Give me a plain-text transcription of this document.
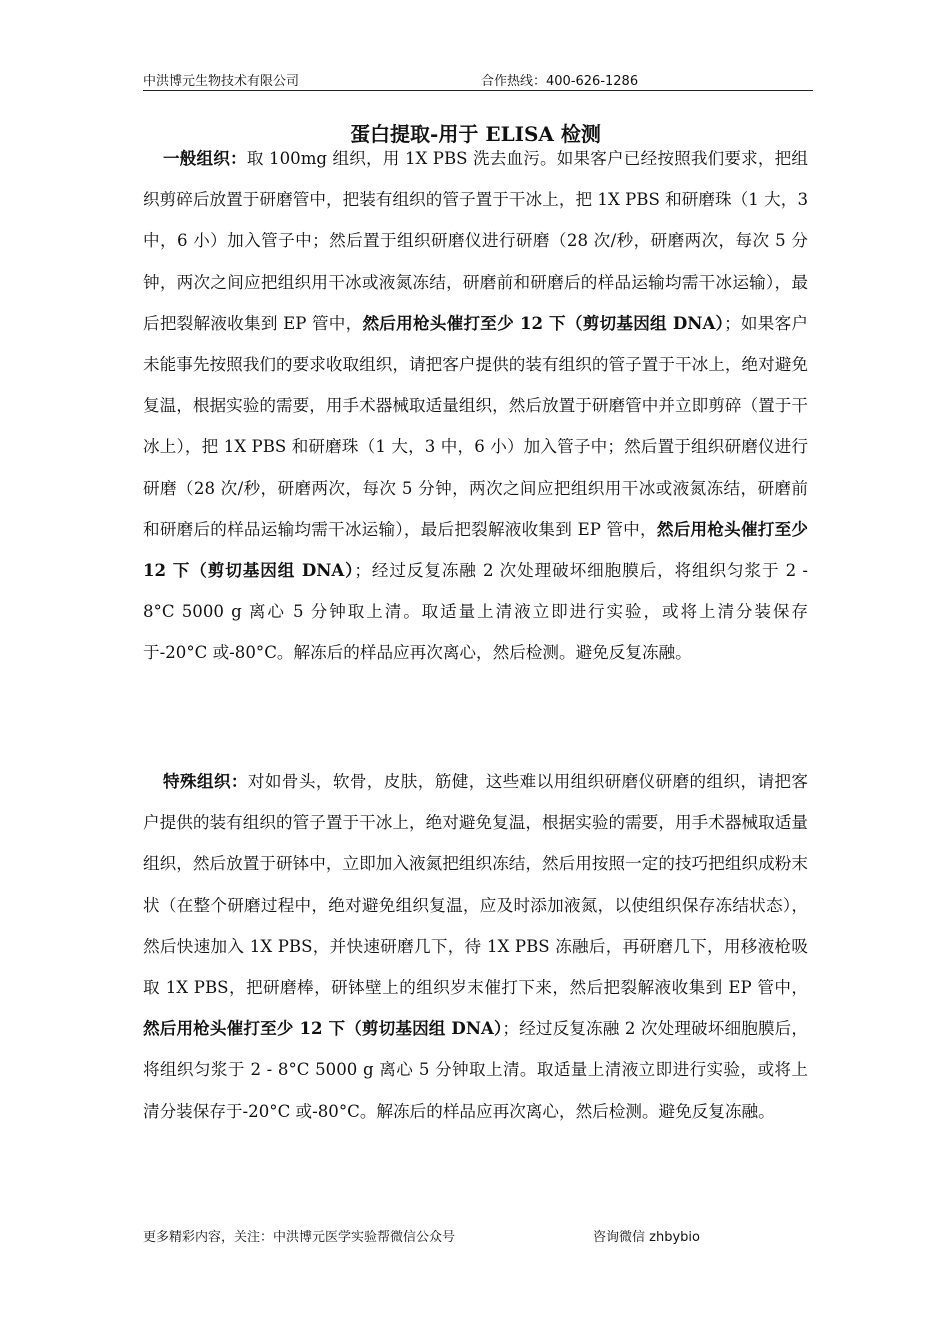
中洪博元生物技术有限公司	合作热线：400-626-1286
蛋白提取-用于 ELISA 检测

一般组织：取 100mg 组织，用 1X PBS 洗去血污。如果客户已经按照我们要求，把组织剪碎后放置于研磨管中，把装有组织的管子置于干冰上，把 1X PBS 和研磨珠（1 大，3 中，6 小）加入管子中；然后置于组织研磨仪进行研磨（28 次/秒，研磨两次，每次 5 分钟，两次之间应把组织用干冰或液氮冻结，研磨前和研磨后的样品运输均需干冰运输），最后把裂解液收集到 EP 管中，然后用枪头催打至少 12 下（剪切基因组 DNA）；如果客户未能事先按照我们的要求收取组织，请把客户提供的装有组织的管子置于干冰上，绝对避免复温，根据实验的需要，用手术器械取适量组织，然后放置于研磨管中并立即剪碎（置于干冰上），把 1X PBS 和研磨珠（1 大，3 中，6 小）加入管子中；然后置于组织研磨仪进行研磨（28 次/秒，研磨两次，每次 5 分钟，两次之间应把组织用干冰或液氮冻结，研磨前和研磨后的样品运输均需干冰运输），最后把裂解液收集到 EP 管中，然后用枪头催打至少 12 下（剪切基因组 DNA）；经过反复冻融 2 次处理破坏细胞膜后，将组织匀浆于 2 - 8°C 5000 g 离心 5 分钟取上清。取适量上清液立即进行实验，或将上清分装保存于-20°C 或-80°C。解冻后的样品应再次离心，然后检测。避免反复冻融。

特殊组织：对如骨头，软骨，皮肤，筋健，这些难以用组织研磨仪研磨的组织，请把客户提供的装有组织的管子置于干冰上，绝对避免复温，根据实验的需要，用手术器械取适量组织，然后放置于研钵中，立即加入液氮把组织冻结，然后用按照一定的技巧把组织成粉末状（在整个研磨过程中，绝对避免组织复温，应及时添加液氮，以使组织保存冻结状态），然后快速加入 1X PBS，并快速研磨几下，待 1X PBS 冻融后，再研磨几下，用移液枪吸取 1X PBS，把研磨棒，研钵壁上的组织岁末催打下来，然后把裂解液收集到 EP 管中，然后用枪头催打至少 12 下（剪切基因组 DNA）；经过反复冻融 2 次处理破坏细胞膜后，将组织匀浆于 2 - 8°C 5000 g 离心 5 分钟取上清。取适量上清液立即进行实验，或将上清分装保存于-20°C 或-80°C。解冻后的样品应再次离心，然后检测。避免反复冻融。

更多精彩内容，关注：中洪博元医学实验帮微信公众号	咨询微信 zhbybio
